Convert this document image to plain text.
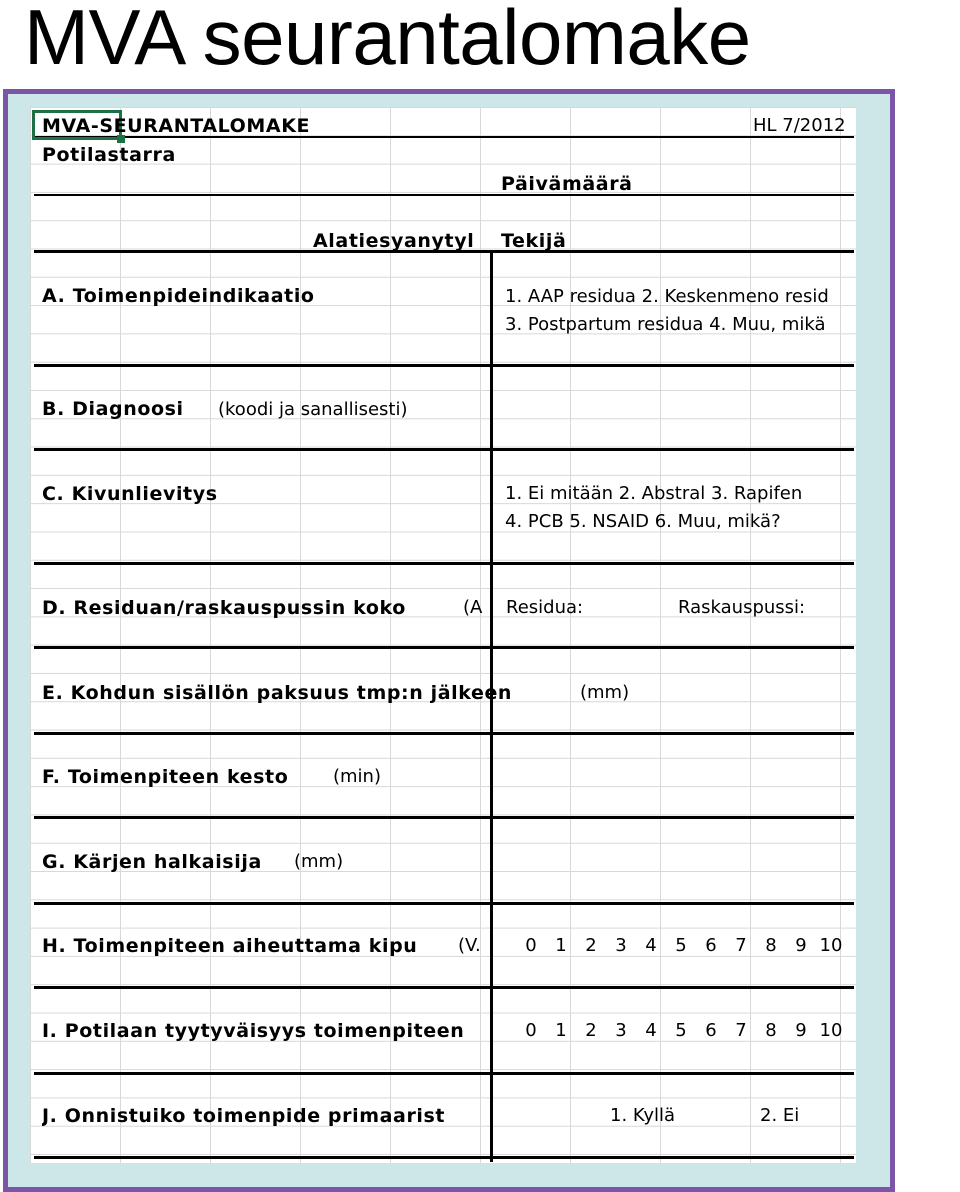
MVA seurantalomake
MVA-SEURANTALOMAKE	HL 7/2012
Potilastarra
Päivämäärä
Alatiesyanytyl Tekijä
A. Toimenpideindikaatio	1. AAP residua 2. Keskenmeno resid
3. Postpartum residua 4. Muu, mikä
B. Diagnoosi (koodi ja sanallisesti)
C. Kivunlievitys	1. Ei mitään 2. Abstral 3. Rapifen
4. PCB 5. NSAID 6. Muu, mikä?
D. Residuan/raskauspussin koko	(A Residua:	Raskauspussi:
E. Kohdun sisällön paksuus tmp:n jälkeen	(mm)
F. Toimenpiteen kesto (min)
G. Kärjen halkaisija (mm)
H. Toimenpiteen aiheuttama kipu	(V.	0	1	2	3	4	5	6	7	8	9 10
I. Potilaan tyytyväisyys toimenpiteen	0	1	2	3	4	5	6	7	8	9 10
J. Onnistuiko toimenpide primaarist	1. Kyllä	2. Ei
